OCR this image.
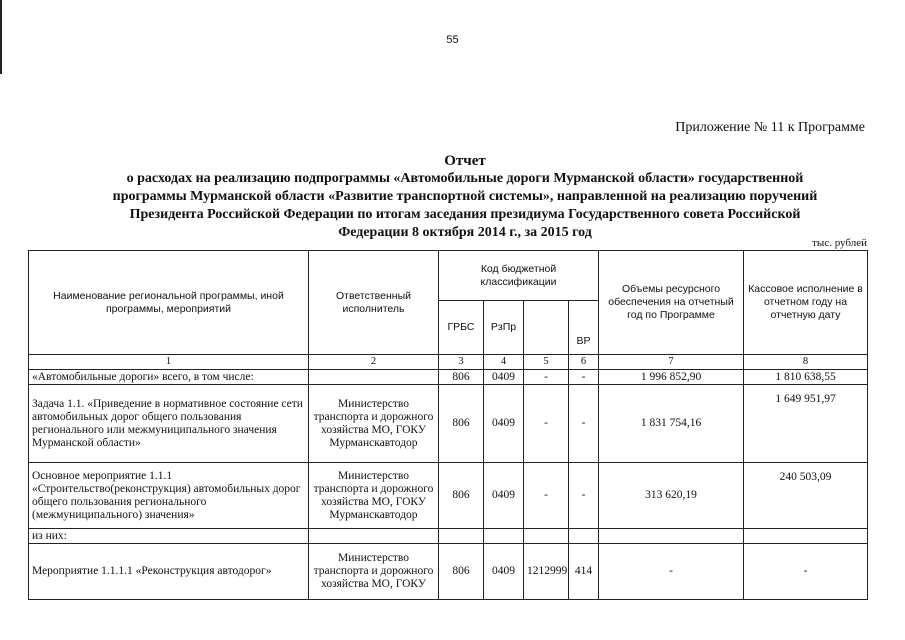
55
Приложение № 11 к Программе
Отчет
о расходах на реализацию подпрограммы «Автомобильные дороги Мурманской области» государственной
программы Мурманской области «Развитие транспортной системы», направленной на реализацию поручений
Президента Российской Федерации по итогам заседания президиума Государственного совета Российской
Федерации 8 октября 2014 г., за 2015 год
тыс. рублей
Наименование региональной программы, иной программы, мероприятий	Ответственный исполнитель	Код бюджетной классификации				Объемы ресурсного обеспечения на отчетный год по Программе	Кассовое исполнение в отчетном году на отчетную дату
		ГРБС	РзПр		ВР		
1	2	3	4	5	6	7	8
«Автомобильные дороги» всего, в том числе:		806	0409	-	-	1 996 852,90	1 810 638,55
Задача 1.1. «Приведение в нормативное состояние сети автомобильных дорог общего пользования регионального или межмуниципального значения Мурманской области»	Министерство транспорта и дорожного хозяйства МО, ГОКУ Мурманскавтодор	806	0409	-	-	1 831 754,16	1 649 951,97
Основное мероприятие 1.1.1 «Строительство(реконструкция) автомобильных дорог общего пользования регионального (межмуниципального) значения»	Министерство транспорта и дорожного хозяйства МО, ГОКУ Мурманскавтодор	806	0409	-	-	313 620,19	240 503,09
из них:							
Мероприятие 1.1.1.1 «Реконструкция автодорог»	Министерство транспорта и дорожного хозяйства МО, ГОКУ	806	0409	1212999	414	-	-
